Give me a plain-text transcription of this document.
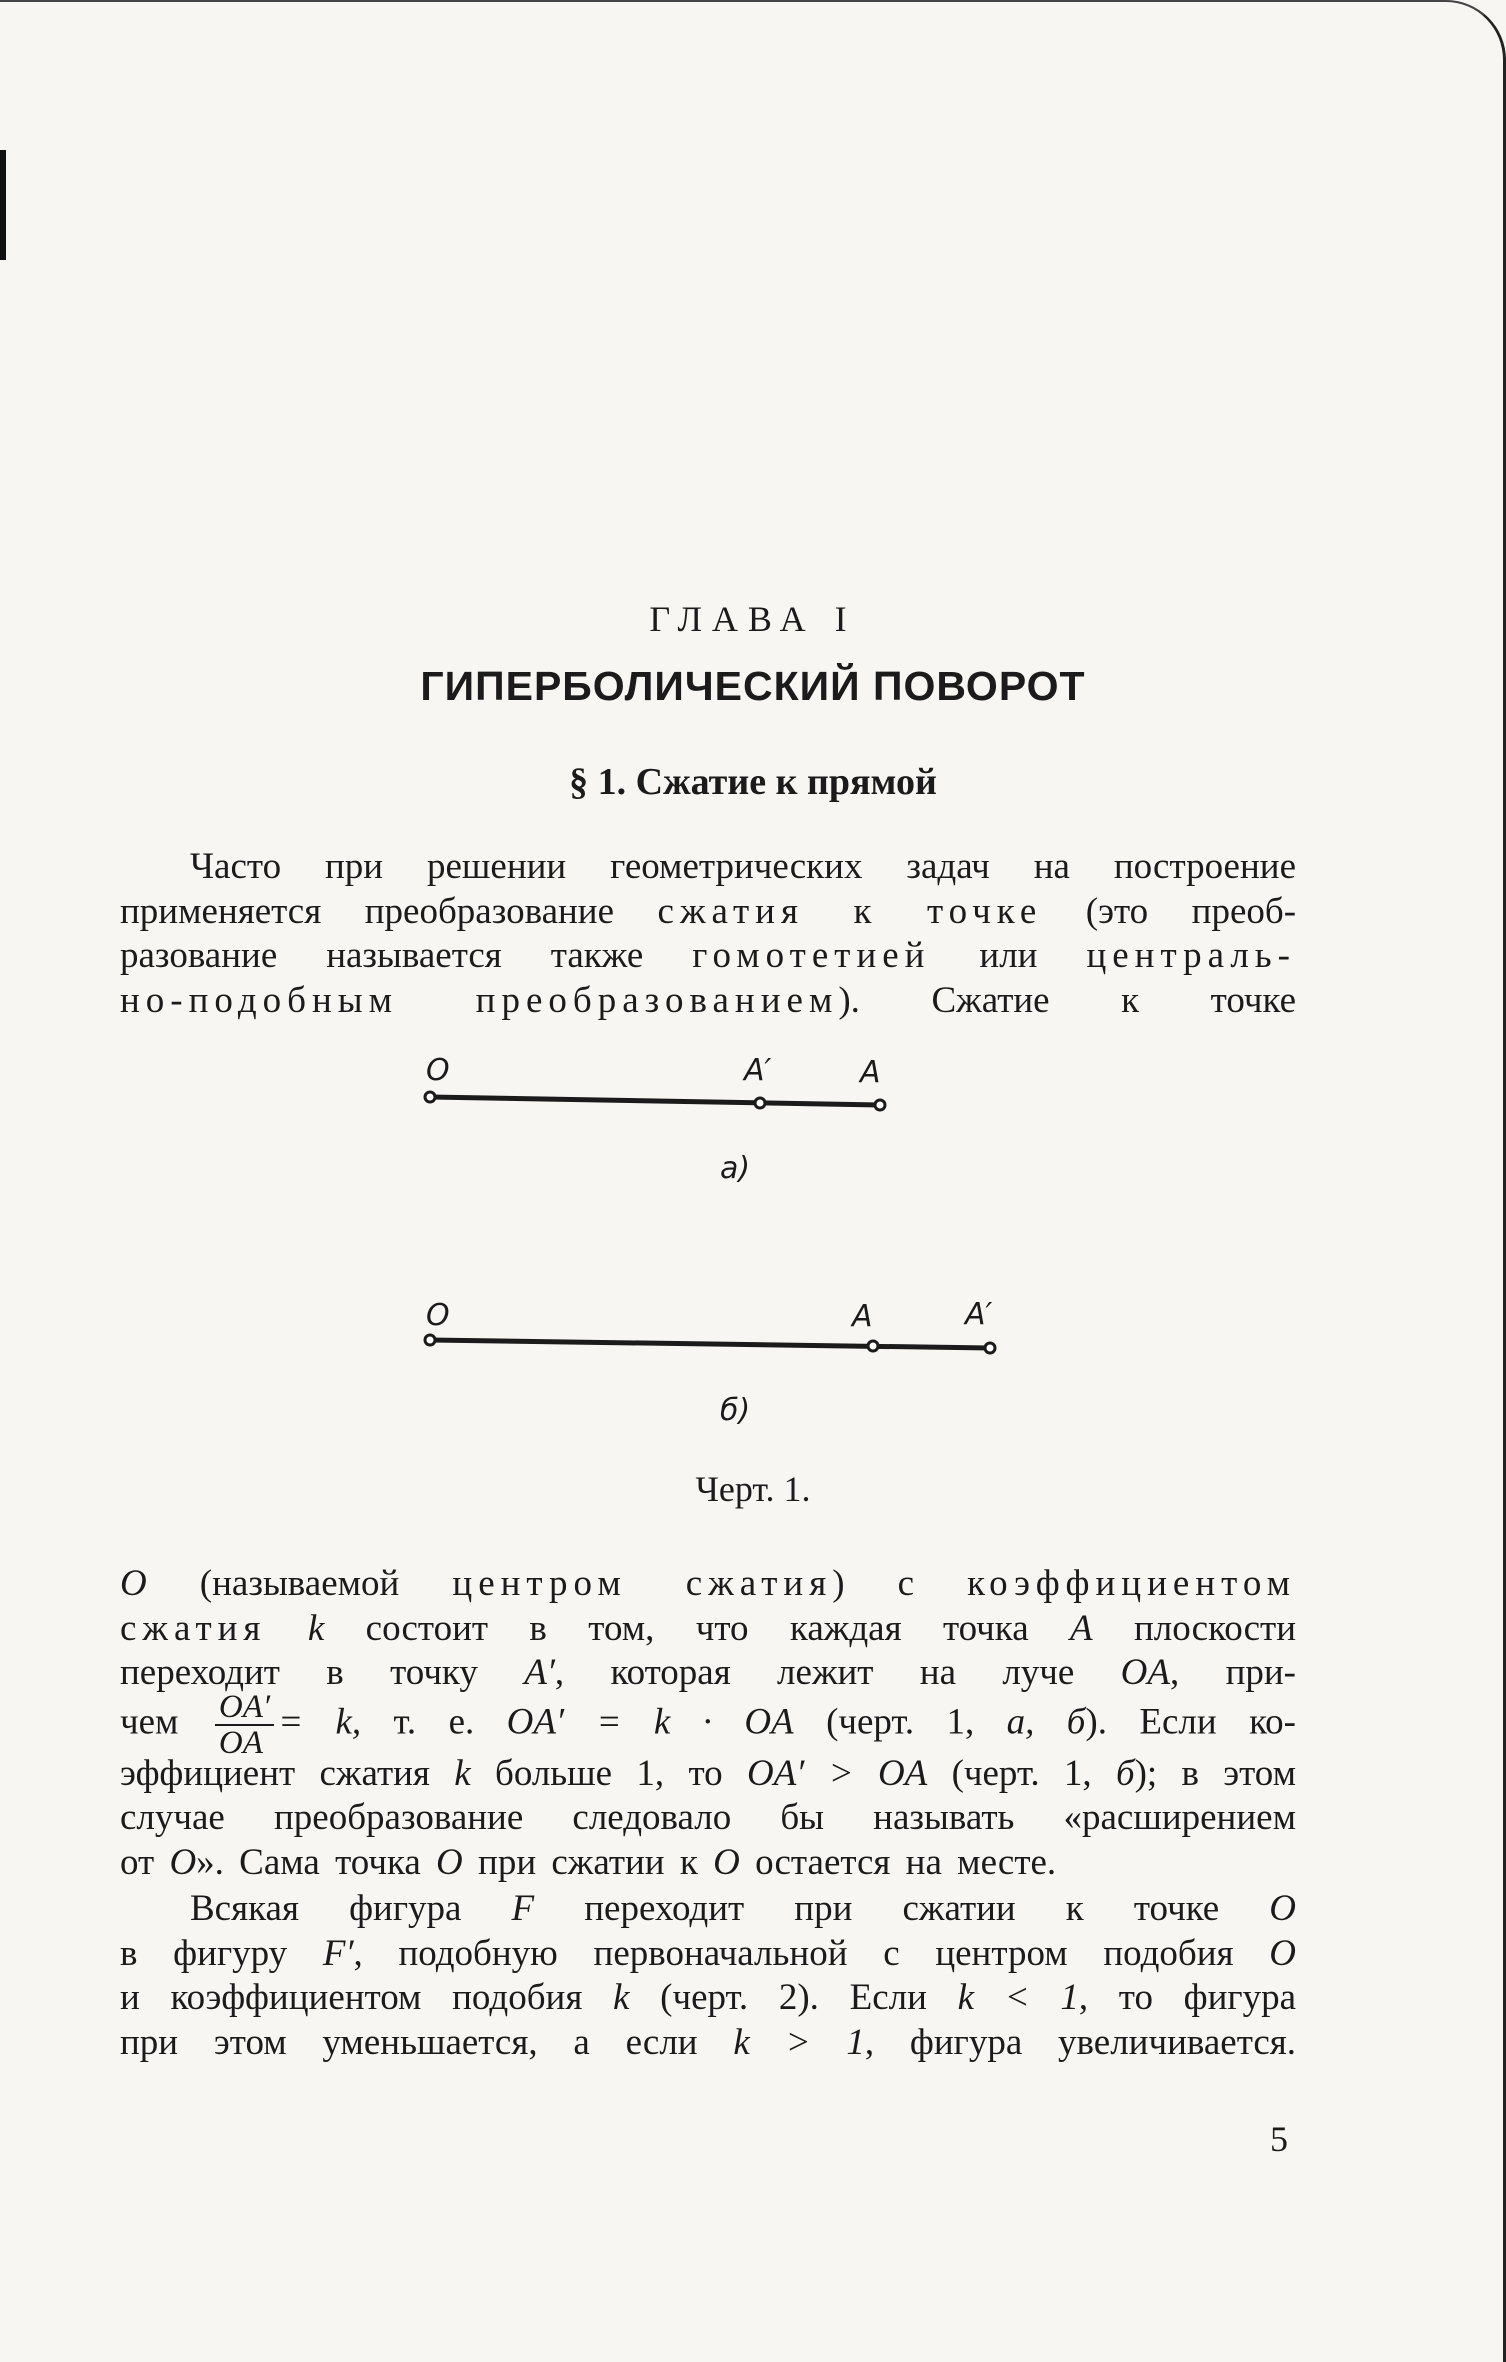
ГЛАВА I
ГИПЕРБОЛИЧЕСКИЙ ПОВОРОТ
§ 1. Сжатие к прямой
Часто при решении геометрических задач на построение
применяется преобразование сжатия к точке (это преоб-
разование называется также гомотетией или централь-
но-подобным преобразованием). Сжатие к точке
O	A′	A
а)
O	A	A′
б)
Черт. 1.
O (называемой центром сжатия) с коэффициентом
сжатия k состоит в том, что каждая точка A плоскости
переходит в точку A′, которая лежит на луче OA, при-
чем $\frac{OA'}{OA} = k$, т. е. OA′ = k · OA (черт. 1, а, б). Если ко-
эффициент сжатия k больше 1, то OA′ > OA (черт. 1, б); в этом
случае преобразование следовало бы называть «расширением
от O». Сама точка O при сжатии к O остается на месте.
Всякая фигура F переходит при сжатии к точке O
в фигуру F′, подобную первоначальной с центром подобия O
и коэффициентом подобия k (черт. 2). Если k < 1, то фигура
при этом уменьшается, а если k > 1, фигура увеличивается.
5
